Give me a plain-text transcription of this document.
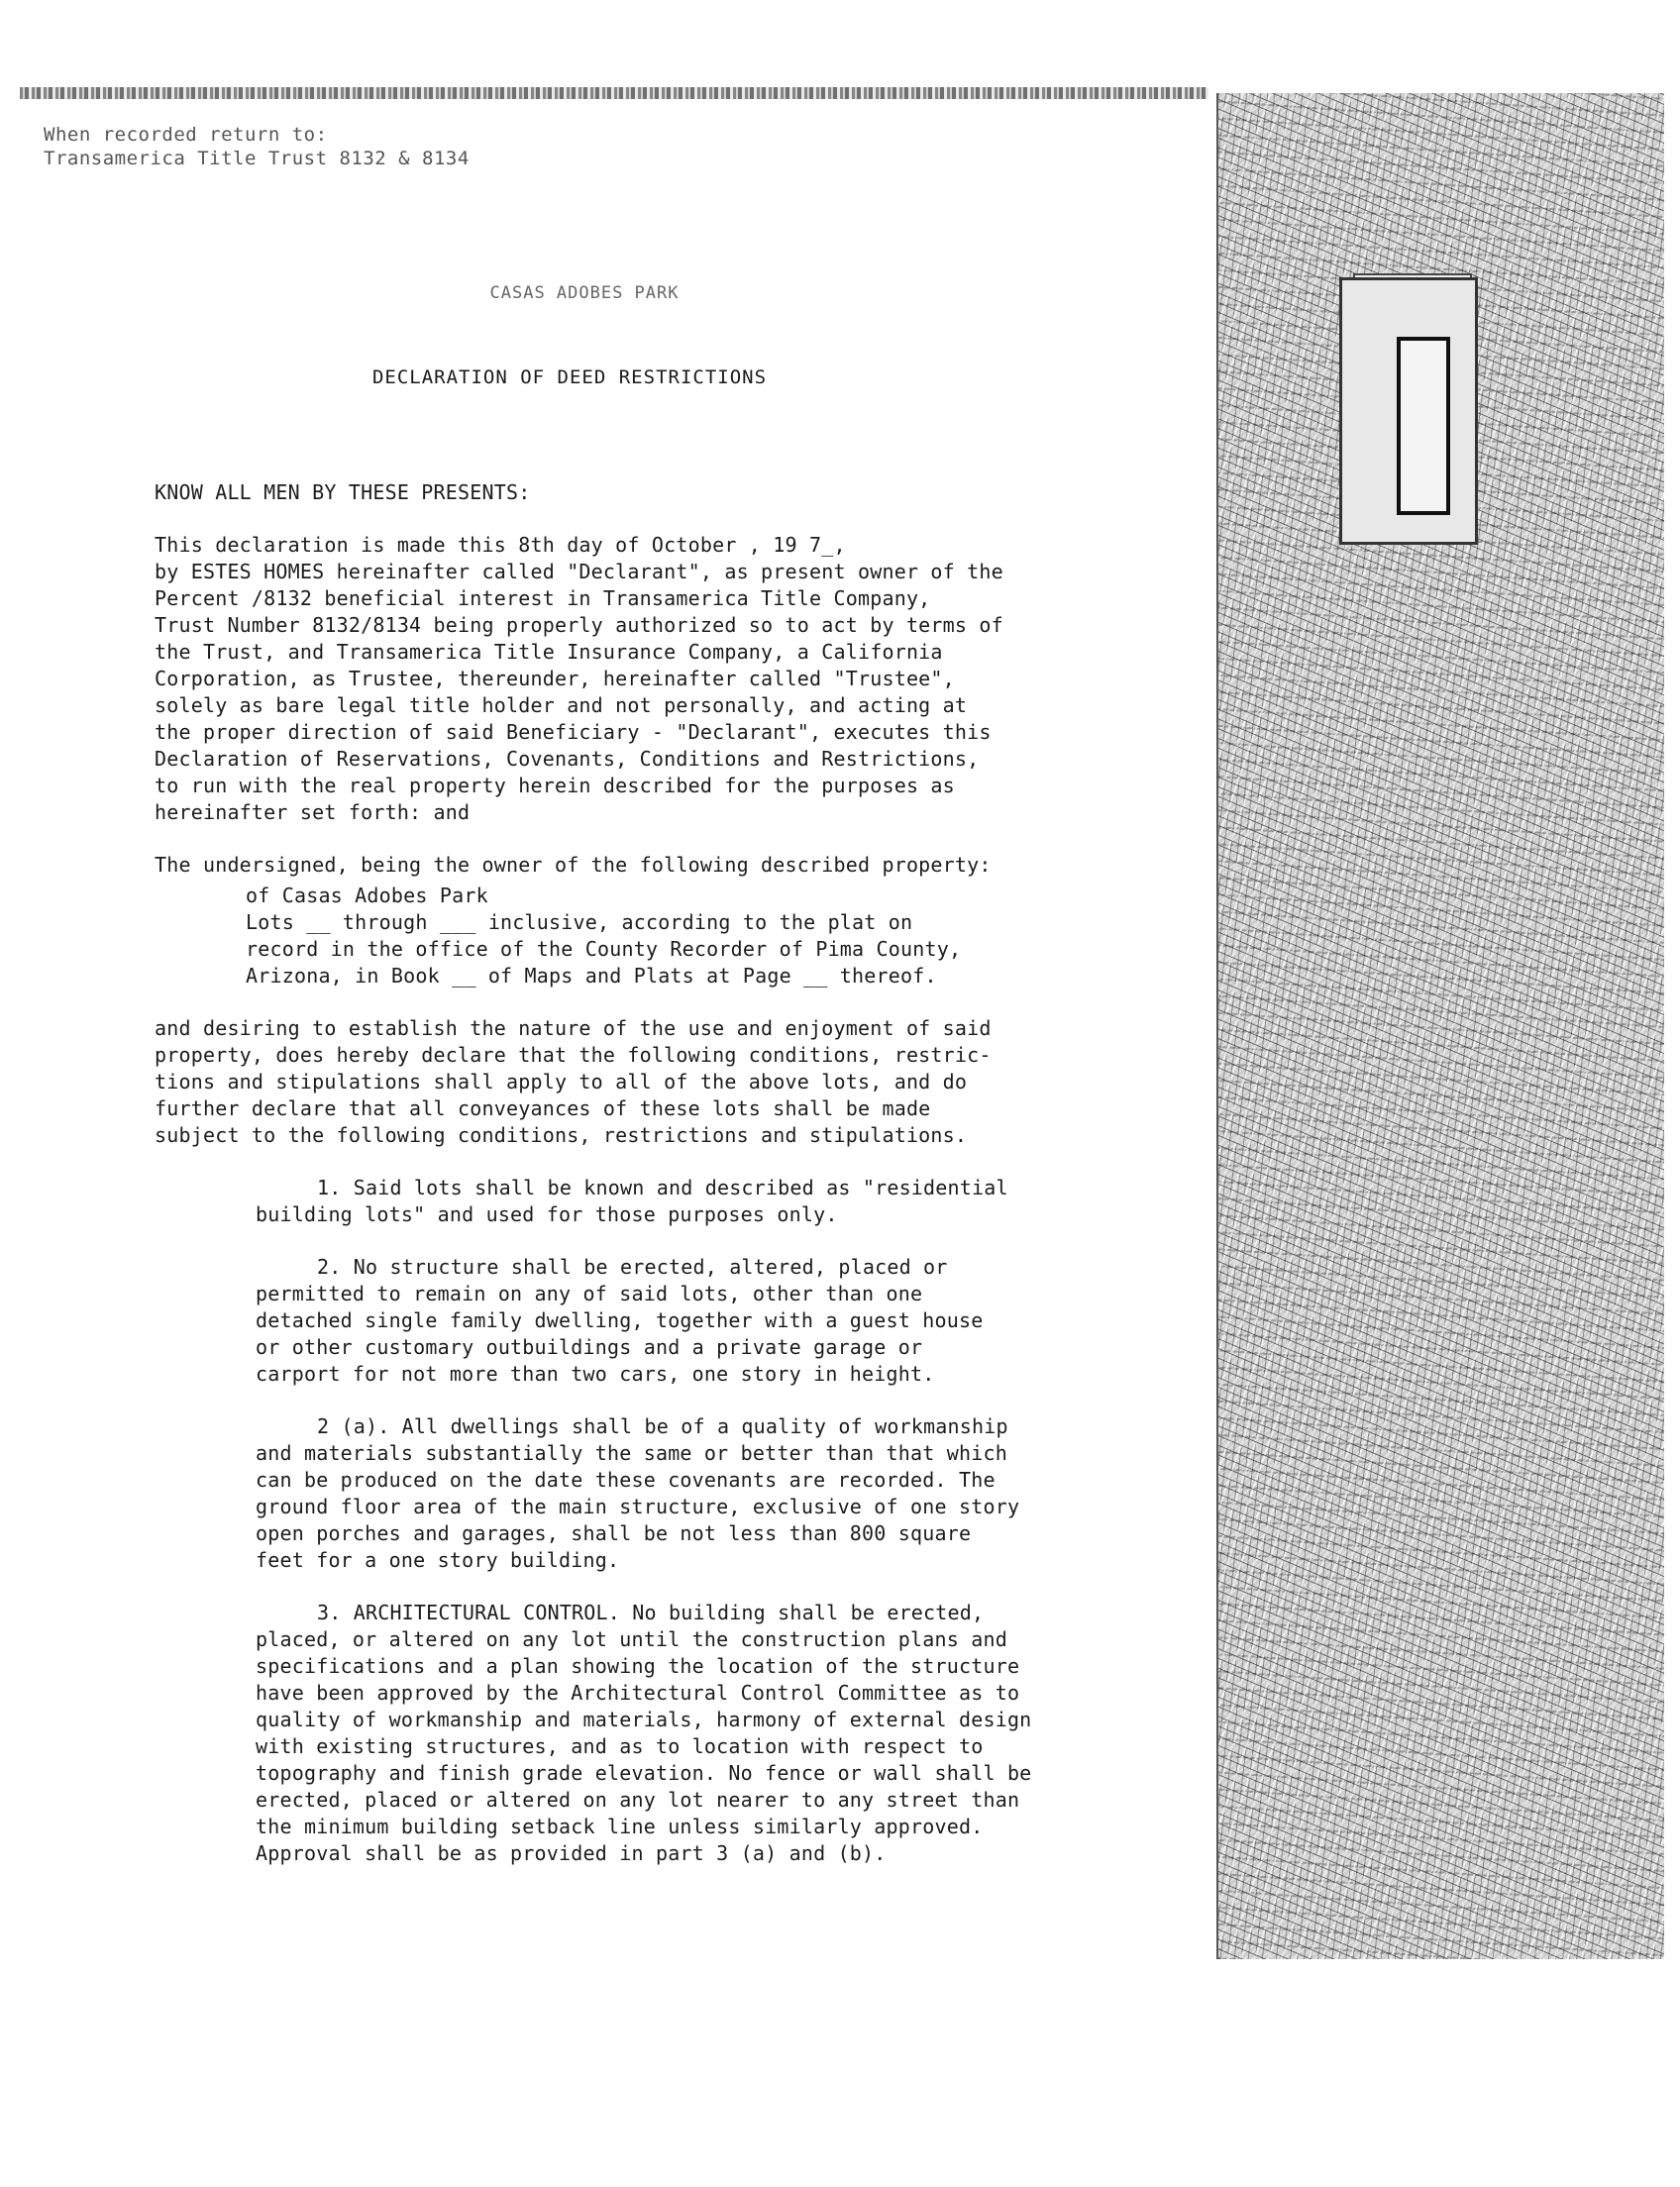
When recorded return to:
Transamerica Title Trust 8132 & 8134
CASAS ADOBES PARK
DECLARATION OF DEED RESTRICTIONS

KNOW ALL MEN BY THESE PRESENTS:

This declaration is made this 8th day of October , 19 7_,
by ESTES HOMES hereinafter called "Declarant", as present owner of the
Percent /8132 beneficial interest in Transamerica Title Company,
Trust Number 8132/8134 being properly authorized so to act by terms of
the Trust, and Transamerica Title Insurance Company, a California
Corporation, as Trustee, thereunder, hereinafter called "Trustee",
solely as bare legal title holder and not personally, and acting at
the proper direction of said Beneficiary - "Declarant", executes this
Declaration of Reservations, Covenants, Conditions and Restrictions,
to run with the real property herein described for the purposes as
hereinafter set forth: and

The undersigned, being the owner of the following described property:

of Casas Adobes Park
Lots __ through ___ inclusive, according to the plat on
record in the office of the County Recorder of Pima County,
Arizona, in Book __ of Maps and Plats at Page __ thereof.

and desiring to establish the nature of the use and enjoyment of said
property, does hereby declare that the following conditions, restric-
tions and stipulations shall apply to all of the above lots, and do
further declare that all conveyances of these lots shall be made
subject to the following conditions, restrictions and stipulations.

1. Said lots shall be known and described as "residential
building lots" and used for those purposes only.

2. No structure shall be erected, altered, placed or
permitted to remain on any of said lots, other than one
detached single family dwelling, together with a guest house
or other customary outbuildings and a private garage or
carport for not more than two cars, one story in height.

2 (a). All dwellings shall be of a quality of workmanship
and materials substantially the same or better than that which
can be produced on the date these covenants are recorded. The
ground floor area of the main structure, exclusive of one story
open porches and garages, shall be not less than 800 square
feet for a one story building.

3. ARCHITECTURAL CONTROL. No building shall be erected,
placed, or altered on any lot until the construction plans and
specifications and a plan showing the location of the structure
have been approved by the Architectural Control Committee as to
quality of workmanship and materials, harmony of external design
with existing structures, and as to location with respect to
topography and finish grade elevation. No fence or wall shall be
erected, placed or altered on any lot nearer to any street than
the minimum building setback line unless similarly approved.
Approval shall be as provided in part 3 (a) and (b).
